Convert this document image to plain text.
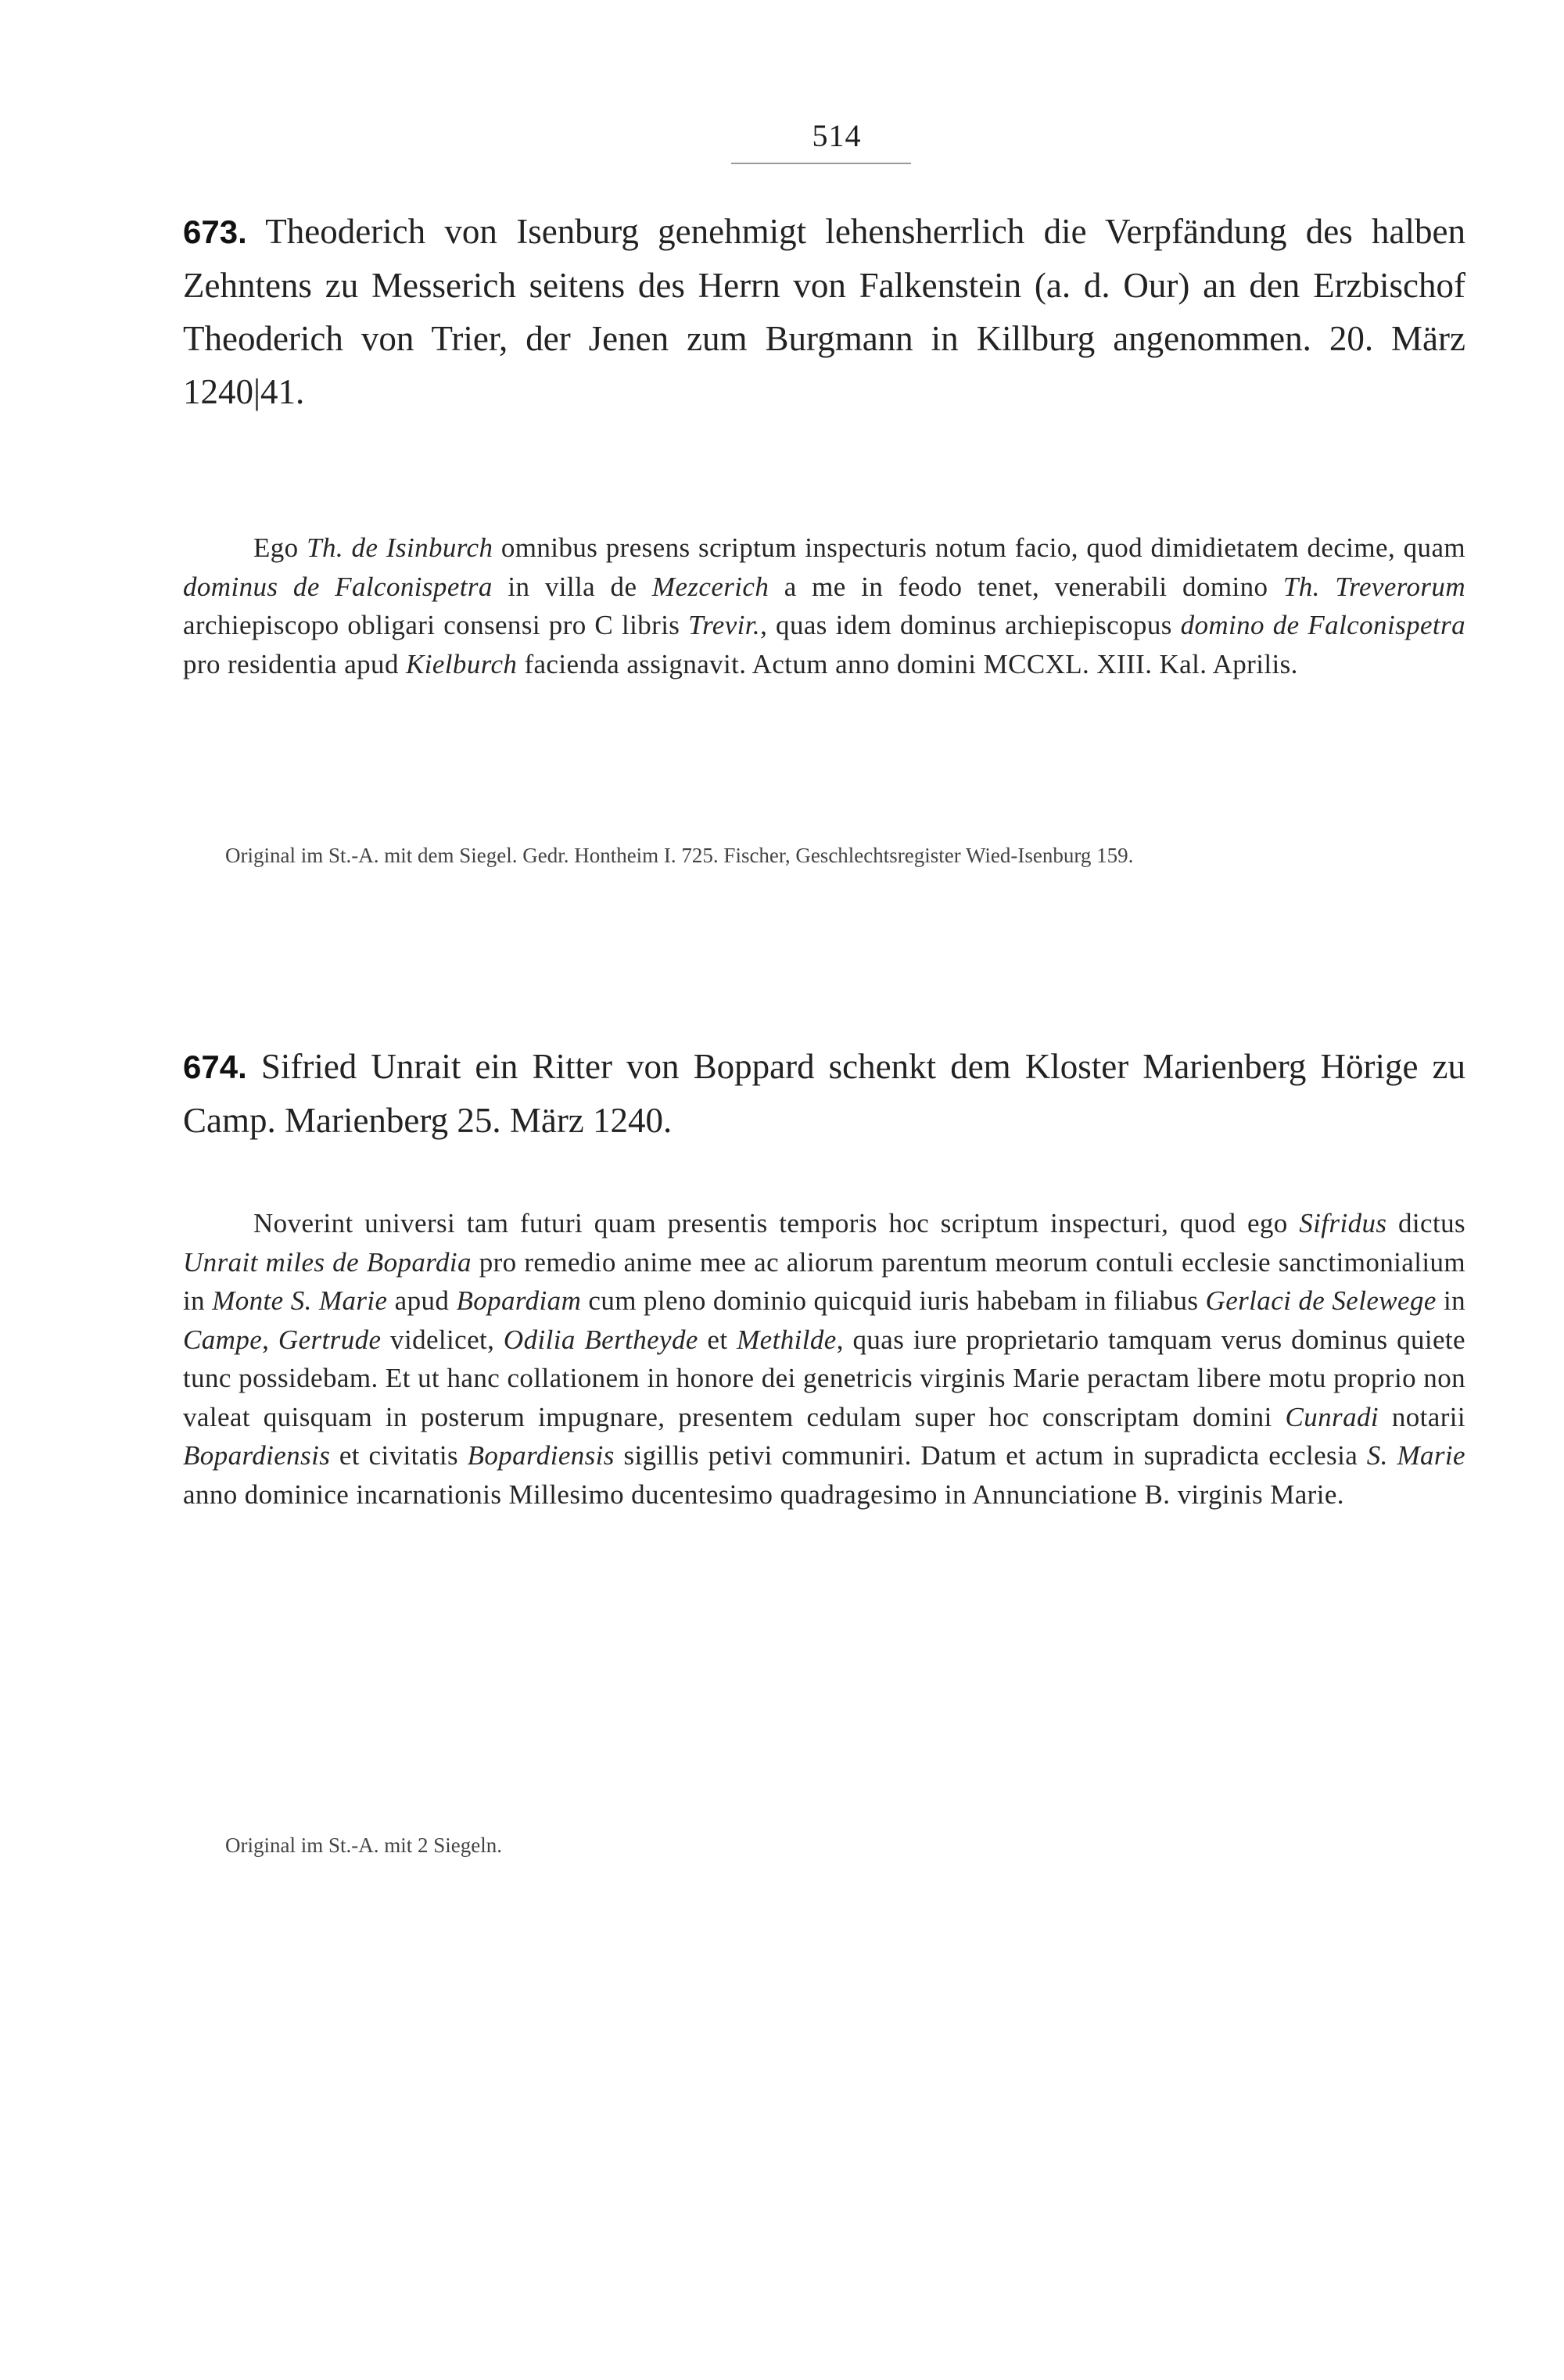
514
673. Theoderich von Isenburg genehmigt lehensherrlich die Verpfändung des halben Zehntens zu Messerich seitens des Herrn von Falkenstein (a. d. Our) an den Erzbischof Theoderich von Trier, der Jenen zum Burgmann in Killburg angenommen. 20. März 1240|41.
Ego Th. de Isinburch omnibus presens scriptum inspecturis notum facio, quod dimidietatem decime, quam dominus de Falconispetra in villa de Mezcerich a me in feodo tenet, venerabili domino Th. Treverorum archiepiscopo obligari consensi pro C libris Trevir., quas idem dominus archiepiscopus domino de Falconispetra pro residentia apud Kielburch facienda assignavit. Actum anno domini MCCXL. XIII. Kal. Aprilis.
Original im St.-A. mit dem Siegel. Gedr. Hontheim I. 725. Fischer, Geschlechtsregister Wied-Isenburg 159.
674. Sifried Unrait ein Ritter von Boppard schenkt dem Kloster Marienberg Hörige zu Camp. Marienberg 25. März 1240.
Noverint universi tam futuri quam presentis temporis hoc scriptum inspecturi, quod ego Sifridus dictus Unrait miles de Bopardia pro remedio anime mee ac aliorum parentum meorum contuli ecclesie sanctimonialium in Monte S. Marie apud Bopardiam cum pleno dominio quicquid iuris habebam in filiabus Gerlaci de Selewege in Campe, Gertrude videlicet, Odilia Bertheyde et Methilde, quas iure proprietario tamquam verus dominus quiete tunc possidebam. Et ut hanc collationem in honore dei genetricis virginis Marie peractam libere motu proprio non valeat quisquam in posterum impugnare, presentem cedulam super hoc conscriptam domini Cunradi notarii Bopardiensis et civitatis Bopardiensis sigillis petivi communiri. Datum et actum in supradicta ecclesia S. Marie anno dominice incarnationis Millesimo ducentesimo quadragesimo in Annunciatione B. virginis Marie.
Original im St.-A. mit 2 Siegeln.
